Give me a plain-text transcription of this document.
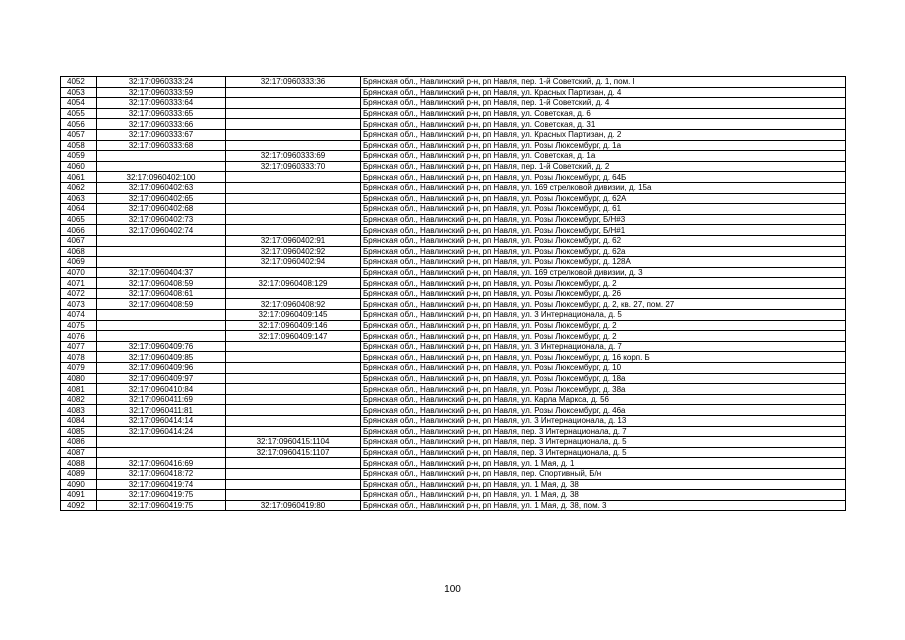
4052	32:17:0960333:24	32:17:0960333:36	Брянская обл., Навлинский р-н, рп Навля, пер. 1-й Советский, д. 1, пом. I
4053	32:17:0960333:59		Брянская обл., Навлинский р-н, рп Навля, ул. Красных Партизан, д. 4
4054	32:17:0960333:64		Брянская обл., Навлинский р-н, рп Навля, пер. 1-й Советский, д. 4
4055	32:17:0960333:65		Брянская обл., Навлинский р-н, рп Навля, ул. Советская, д. 6
4056	32:17:0960333:66		Брянская обл., Навлинский р-н, рп Навля, ул. Советская, д. 31
4057	32:17:0960333:67		Брянская обл., Навлинский р-н, рп Навля, ул. Красных Партизан, д. 2
4058	32:17:0960333:68		Брянская обл., Навлинский р-н, рп Навля, ул. Розы Люксембург, д. 1а
4059		32:17:0960333:69	Брянская обл., Навлинский р-н, рп Навля, ул. Советская, д. 1а
4060		32:17:0960333:70	Брянская обл., Навлинский р-н, рп Навля, пер. 1-й Советский, д. 2
4061	32:17:0960402:100		Брянская обл., Навлинский р-н, рп Навля, ул. Розы Люксембург, д. 64Б
4062	32:17:0960402:63		Брянская обл., Навлинский р-н, рп Навля, ул. 169 стрелковой дивизии, д. 15а
4063	32:17:0960402:65		Брянская обл., Навлинский р-н, рп Навля, ул. Розы Люксембург, д. 62А
4064	32:17:0960402:68		Брянская обл., Навлинский р-н, рп Навля, ул. Розы Люксембург, д. 61
4065	32:17:0960402:73		Брянская обл., Навлинский р-н, рп Навля, ул. Розы Люксембург, Б/Н#3
4066	32:17:0960402:74		Брянская обл., Навлинский р-н, рп Навля, ул. Розы Люксембург, Б/Н#1
4067		32:17:0960402:91	Брянская обл., Навлинский р-н, рп Навля, ул. Розы Люксембург, д. 62
4068		32:17:0960402:92	Брянская обл., Навлинский р-н, рп Навля, ул. Розы Люксембург, д. 62а
4069		32:17:0960402:94	Брянская обл., Навлинский р-н, рп Навля, ул. Розы Люксембург, д. 128А
4070	32:17:0960404:37		Брянская обл., Навлинский р-н, рп Навля, ул. 169 стрелковой дивизии, д. 3
4071	32:17:0960408:59	32:17:0960408:129	Брянская обл., Навлинский р-н, рп Навля, ул. Розы Люксембург, д. 2
4072	32:17:0960408:61		Брянская обл., Навлинский р-н, рп Навля, ул. Розы Люксембург, д. 26
4073	32:17:0960408:59	32:17:0960408:92	Брянская обл., Навлинский р-н, рп Навля, ул. Розы Люксембург, д. 2, кв. 27, пом. 27
4074		32:17:0960409:145	Брянская обл., Навлинский р-н, рп Навля, ул. 3 Интернационала, д. 5
4075		32:17:0960409:146	Брянская обл., Навлинский р-н, рп Навля, ул. Розы Люксембург, д. 2
4076		32:17:0960409:147	Брянская обл., Навлинский р-н, рп Навля, ул. Розы Люксембург, д. 2
4077	32:17:0960409:76		Брянская обл., Навлинский р-н, рп Навля, ул. 3 Интернационала, д. 7
4078	32:17:0960409:85		Брянская обл., Навлинский р-н, рп Навля, ул. Розы Люксембург, д. 16 корп. Б
4079	32:17:0960409:96		Брянская обл., Навлинский р-н, рп Навля, ул. Розы Люксембург, д. 10
4080	32:17:0960409:97		Брянская обл., Навлинский р-н, рп Навля, ул. Розы Люксембург, д. 18а
4081	32:17:0960410:84		Брянская обл., Навлинский р-н, рп Навля, ул. Розы Люксембург, д. 38а
4082	32:17:0960411:69		Брянская обл., Навлинский р-н, рп Навля, ул. Карла Маркса, д. 56
4083	32:17:0960411:81		Брянская обл., Навлинский р-н, рп Навля, ул. Розы Люксембург, д. 46а
4084	32:17:0960414:14		Брянская обл., Навлинский р-н, рп Навля, ул. 3 Интернационала, д. 13
4085	32:17:0960414:24		Брянская обл., Навлинский р-н, рп Навля, пер. 3 Интернационала, д. 7
4086		32:17:0960415:1104	Брянская обл., Навлинский р-н, рп Навля, пер. 3 Интернационала, д. 5
4087		32:17:0960415:1107	Брянская обл., Навлинский р-н, рп Навля, пер. 3 Интернационала, д. 5
4088	32:17:0960416:69		Брянская обл., Навлинский р-н, рп Навля, ул. 1 Мая, д. 1
4089	32:17:0960418:72		Брянская обл., Навлинский р-н, рп Навля, пер. Спортивный, Б/н
4090	32:17:0960419:74		Брянская обл., Навлинский р-н, рп Навля, ул. 1 Мая, д. 38
4091	32:17:0960419:75		Брянская обл., Навлинский р-н, рп Навля, ул. 1 Мая, д. 38
4092	32:17:0960419:75	32:17:0960419:80	Брянская обл., Навлинский р-н, рп Навля, ул. 1 Мая, д. 38, пом. 3
100
